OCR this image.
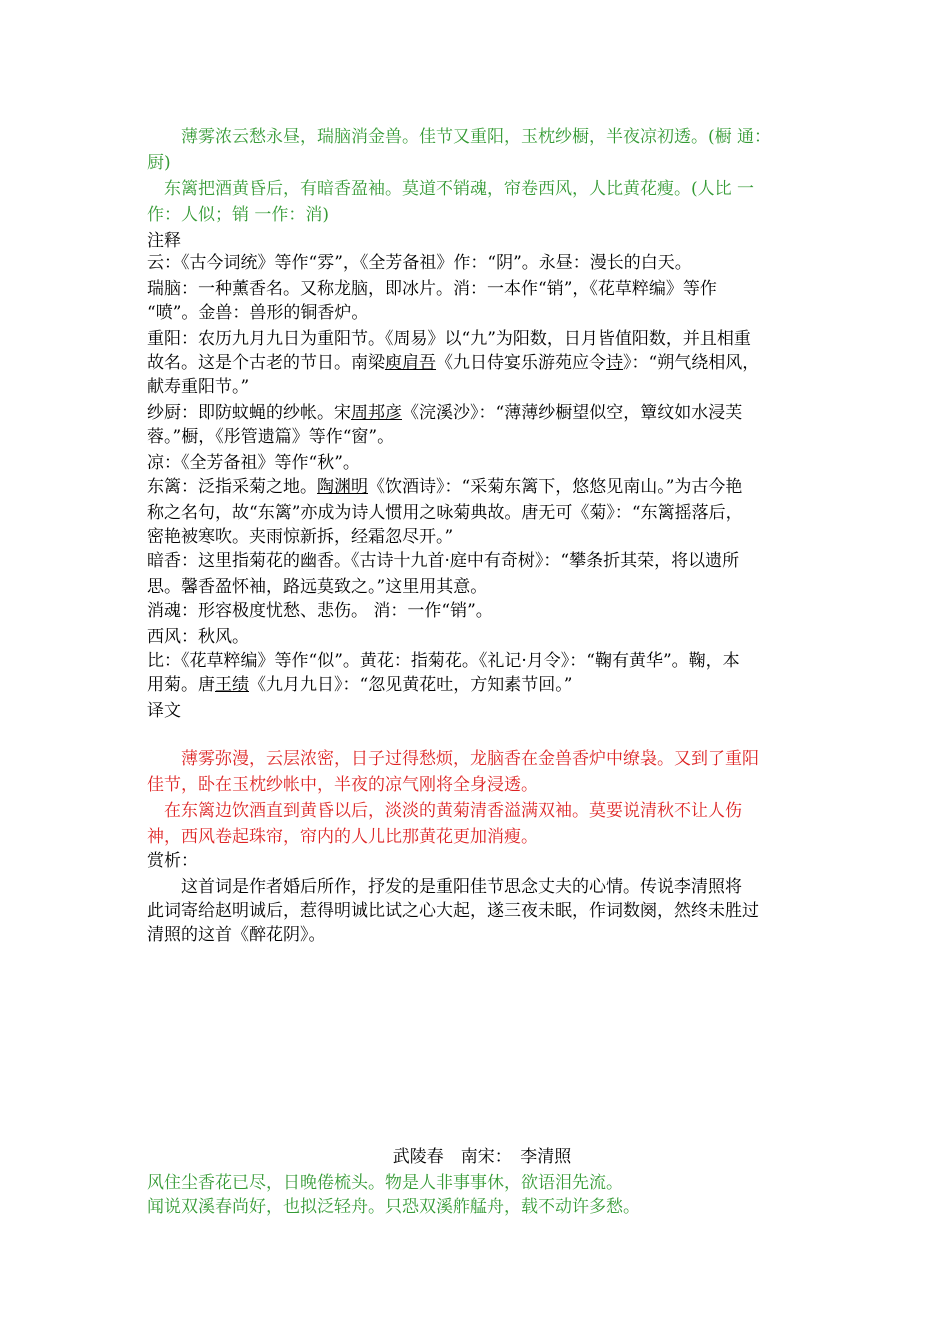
　　薄雾浓云愁永昼，瑞脑消金兽。佳节又重阳，玉枕纱橱，半夜凉初透。(橱 通：
厨)
　东篱把酒黄昏后，有暗香盈袖。莫道不销魂，帘卷西风，人比黄花瘦。(人比 一
作：人似；销 一作：消)
注释
云：《古今词统》等作“雰”，《全芳备祖》作：“阴”。永昼：漫长的白天。
瑞脑：一种薰香名。又称龙脑，即冰片。消：一本作“销”，《花草粹编》等作
“喷”。金兽：兽形的铜香炉。
重阳：农历九月九日为重阳节。《周易》以“九”为阳数，日月皆值阳数，并且相重
故名。这是个古老的节日。南梁庾肩吾《九日侍宴乐游苑应令诗》：“朔气绕相风，
献寿重阳节。”
纱厨：即防蚊蝇的纱帐。宋周邦彦《浣溪沙》：“薄薄纱橱望似空，簟纹如水浸芙
蓉。”橱，《彤管遗篇》等作“窗”。
凉：《全芳备祖》等作“秋”。
东篱：泛指采菊之地。陶渊明《饮酒诗》：“采菊东篱下，悠悠见南山。”为古今艳
称之名句，故“东篱”亦成为诗人惯用之咏菊典故。唐无可《菊》：“东篱摇落后，
密艳被寒吹。夹雨惊新拆，经霜忽尽开。”
暗香：这里指菊花的幽香。《古诗十九首·庭中有奇树》：“攀条折其荣，将以遗所
思。馨香盈怀袖，路远莫致之。”这里用其意。
消魂：形容极度忧愁、悲伤。 消：一作“销”。
西风：秋风。
比：《花草粹编》等作“似”。黄花：指菊花。《礼记·月令》：“鞠有黄华”。鞠，本
用菊。唐王绩《九月九日》：“忽见黄花吐，方知素节回。”
译文
　　薄雾弥漫，云层浓密，日子过得愁烦，龙脑香在金兽香炉中缭袅。又到了重阳
佳节，卧在玉枕纱帐中，半夜的凉气刚将全身浸透。
　在东篱边饮酒直到黄昏以后，淡淡的黄菊清香溢满双袖。莫要说清秋不让人伤
神，西风卷起珠帘，帘内的人儿比那黄花更加消瘦。
赏析：
　　这首词是作者婚后所作，抒发的是重阳佳节思念丈夫的心情。传说李清照将
此词寄给赵明诚后，惹得明诚比试之心大起，遂三夜未眠，作词数阕，然终未胜过
清照的这首《醉花阴》。
武陵春　南宋：　李清照
风住尘香花已尽，日晚倦梳头。物是人非事事休，欲语泪先流。
闻说双溪春尚好，也拟泛轻舟。只恐双溪舴艋舟，载不动许多愁。
